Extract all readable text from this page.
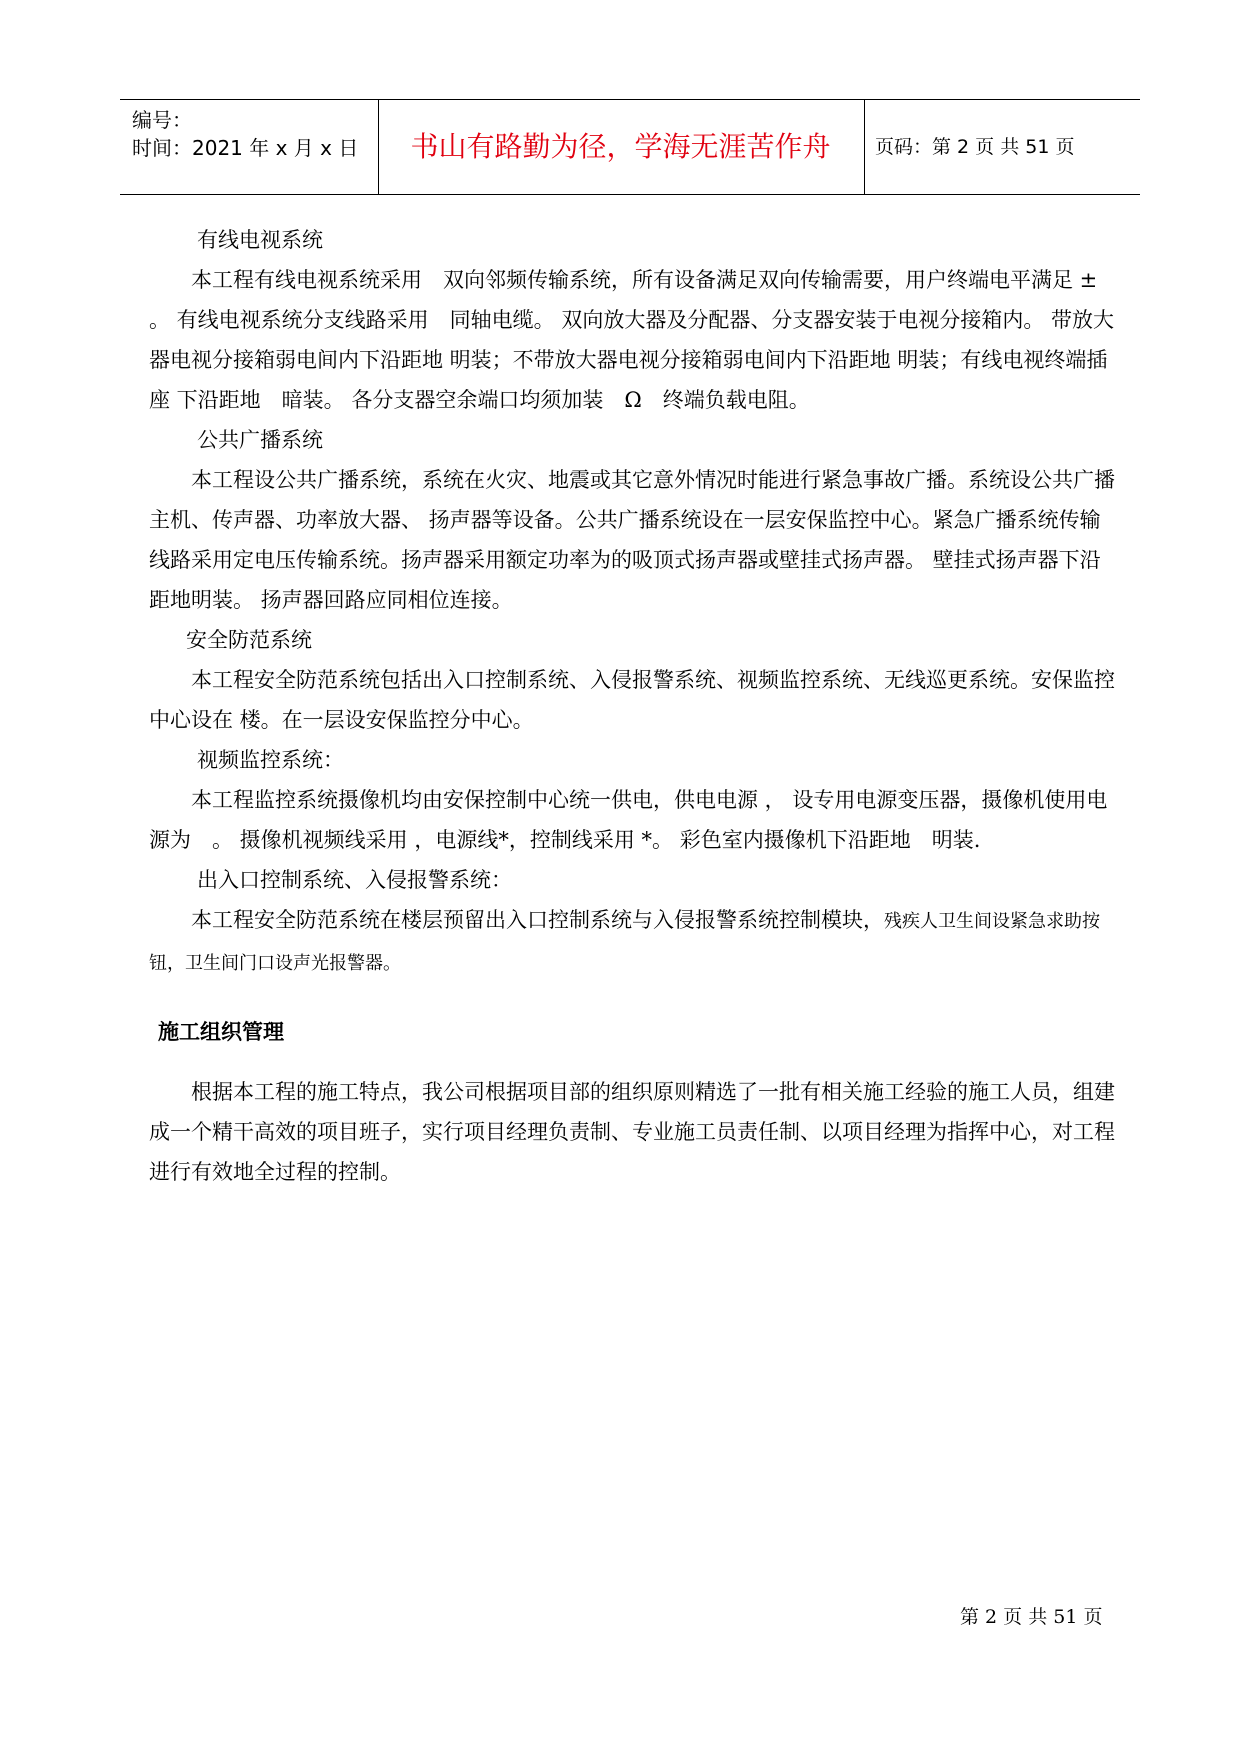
编号：
时间：2021 年 x 月 x 日	书山有路勤为径，学海无涯苦作舟	页码：第 2 页 共 51 页

有线电视系统

本工程有线电视系统采用　双向邻频传输系统，所有设备满足双向传输需要，用户终端电平满足 ± 。 有线电视系统分支线路采用　同轴电缆。 双向放大器及分配器、分支器安装于电视分接箱内。 带放大器电视分接箱弱电间内下沿距地 明装；不带放大器电视分接箱弱电间内下沿距地 明装；有线电视终端插座 下沿距地　暗装。 各分支器空余端口均须加装　Ω　终端负载电阻。

公共广播系统

本工程设公共广播系统，系统在火灾、地震或其它意外情况时能进行紧急事故广播。系统设公共广播主机、传声器、功率放大器、 扬声器等设备。公共广播系统设在一层安保监控中心。紧急广播系统传输线路采用定电压传输系统。扬声器采用额定功率为的吸顶式扬声器或壁挂式扬声器。 壁挂式扬声器下沿距地明装。 扬声器回路应同相位连接。

安全防范系统

本工程安全防范系统包括出入口控制系统、入侵报警系统、视频监控系统、无线巡更系统。安保监控中心设在 楼。在一层设安保监控分中心。

视频监控系统：

本工程监控系统摄像机均由安保控制中心统一供电，供电电源 ， 设专用电源变压器，摄像机使用电源为　。 摄像机视频线采用 ，电源线*，控制线采用 *。 彩色室内摄像机下沿距地　明装.

出入口控制系统、入侵报警系统：

本工程安全防范系统在楼层预留出入口控制系统与入侵报警系统控制模块，残疾人卫生间设紧急求助按钮，卫生间门口设声光报警器。

施工组织管理

根据本工程的施工特点，我公司根据项目部的组织原则精选了一批有相关施工经验的施工人员，组建成一个精干高效的项目班子，实行项目经理负责制、专业施工员责任制、以项目经理为指挥中心，对工程进行有效地全过程的控制。

第 2 页 共 51 页
